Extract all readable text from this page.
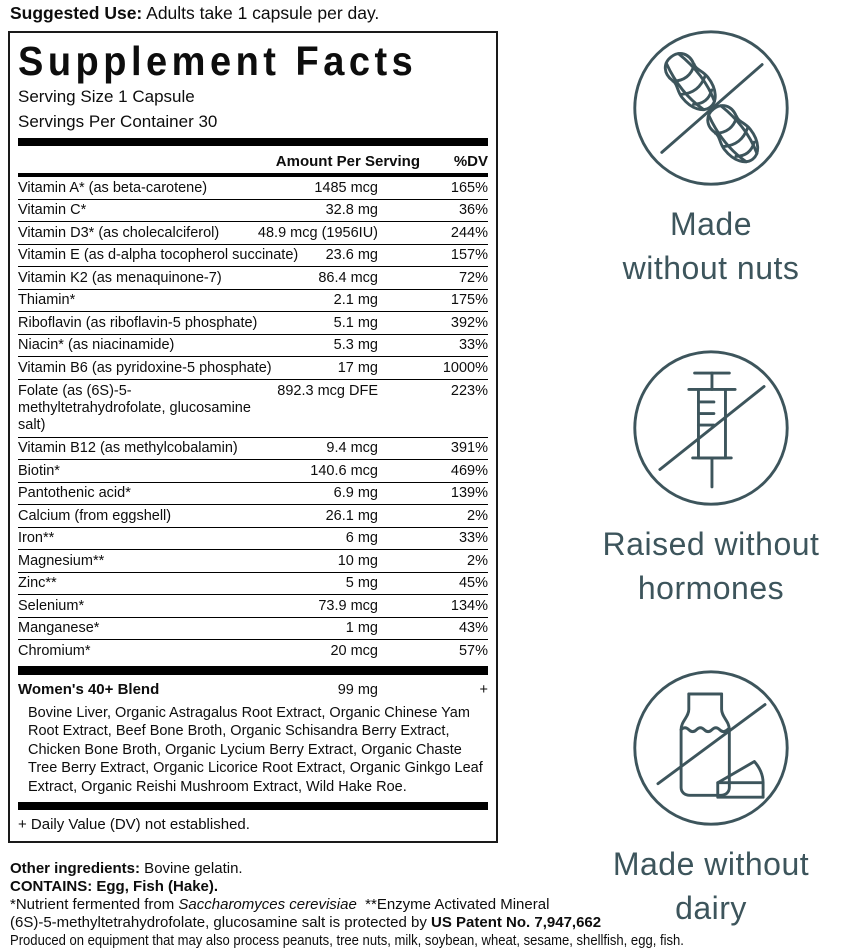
Suggested Use: Adults take 1 capsule per day.
Supplement Facts
Serving Size 1 Capsule
Servings Per Container 30
Amount Per Serving	%DV
Vitamin A* (as beta-carotene)	1485 mcg	165%
Vitamin C*	32.8 mg	36%
Vitamin D3* (as cholecalciferol)	48.9 mcg (1956IU)	244%
Vitamin E (as d-alpha tocopherol succinate)	23.6 mg	157%
Vitamin K2 (as menaquinone-7)	86.4 mcg	72%
Thiamin*	2.1 mg	175%
Riboflavin (as riboflavin-5 phosphate)	5.1 mg	392%
Niacin* (as niacinamide)	5.3 mg	33%
Vitamin B6 (as pyridoxine-5 phosphate)	17 mg	1000%
Folate (as (6S)-5-methyltetrahydrofolate, glucosamine salt)
892.3 mcg DFE	223%
Vitamin B12 (as methylcobalamin)	9.4 mcg	391%
Biotin*	140.6 mcg	469%
Pantothenic acid*	6.9 mg	139%
Calcium (from eggshell)	26.1 mg	2%
Iron**	6 mg	33%
Magnesium**	10 mg	2%
Zinc**	5 mg	45%
Selenium*	73.9 mcg	134%
Manganese*	1 mg	43%
Chromium*	20 mcg	57%
Women's 40+ Blend	99 mg	+
Bovine Liver, Organic Astragalus Root Extract, Organic Chinese Yam Root Extract, Beef Bone Broth, Organic Schisandra Berry Extract, Chicken Bone Broth, Organic Lycium Berry Extract, Organic Chaste Tree Berry Extract, Organic Licorice Root Extract, Organic Ginkgo Leaf Extract, Organic Reishi Mushroom Extract, Wild Hake Roe.
+ Daily Value (DV) not established.
Other ingredients: Bovine gelatin.
CONTAINS: Egg, Fish (Hake).
*Nutrient fermented from Saccharomyces cerevisiae  **Enzyme Activated Mineral
(6S)-5-methyltetrahydrofolate, glucosamine salt is protected by US Patent No. 7,947,662
Produced on equipment that may also process peanuts, tree nuts, milk, soybean, wheat, sesame, shellfish, egg, fish.
Made
without nuts
Raised without
hormones
Made without
dairy
